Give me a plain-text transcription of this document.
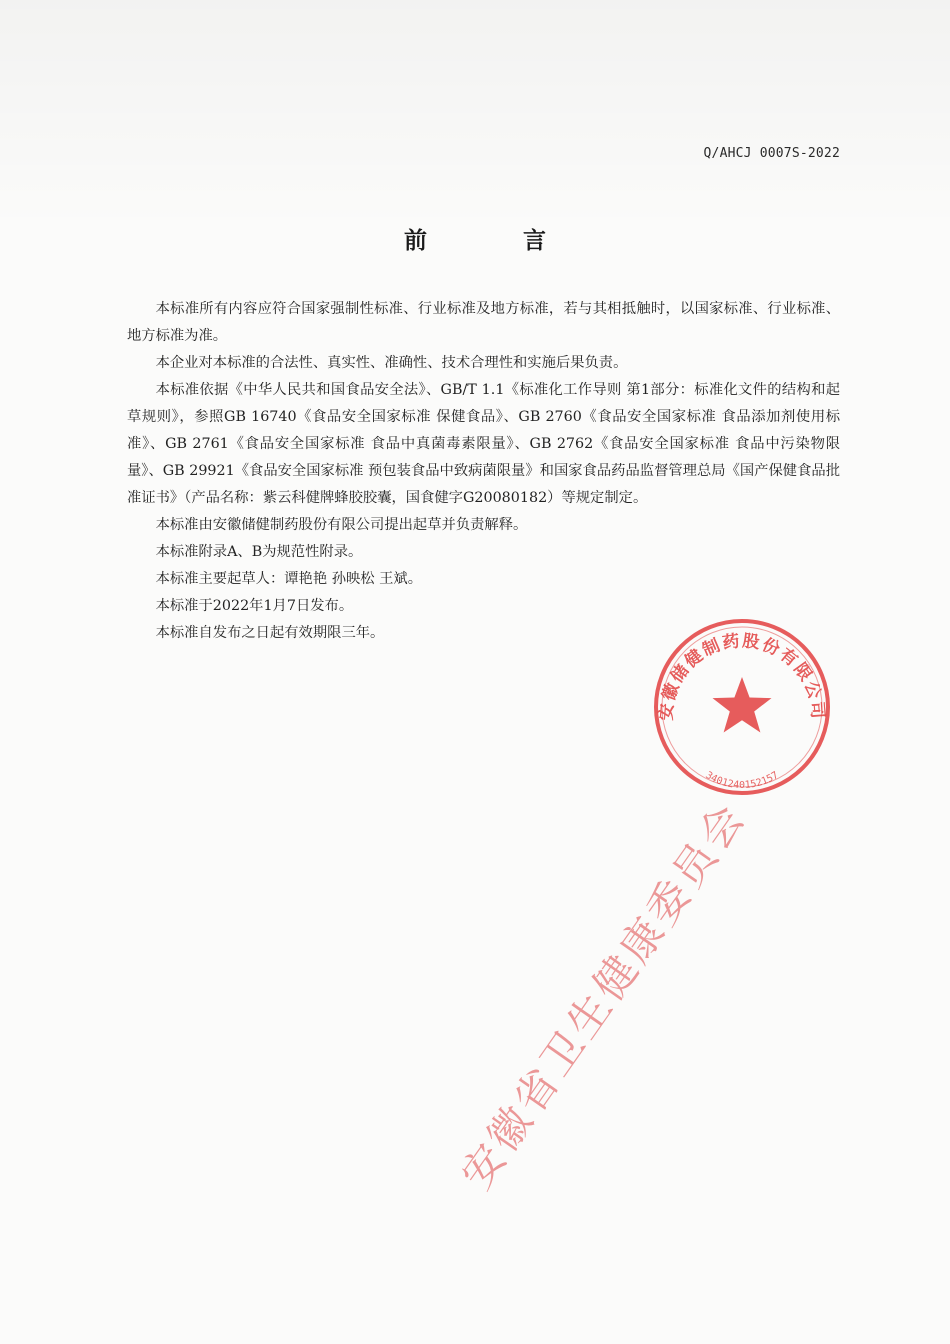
Q/AHCJ 0007S-2022
前 言

本标准所有内容应符合国家强制性标准、行业标准及地方标准，若与其相抵触时，以国家标准、行业标准、地方标准为准。

本企业对本标准的合法性、真实性、准确性、技术合理性和实施后果负责。

本标准依据《中华人民共和国食品安全法》、GB/T 1.1《标准化工作导则 第1部分：标准化文件的结构和起草规则》，参照GB 16740《食品安全国家标准 保健食品》、GB 2760《食品安全国家标准 食品添加剂使用标准》、GB 2761《食品安全国家标准 食品中真菌毒素限量》、GB 2762《食品安全国家标准 食品中污染物限量》、GB 29921《食品安全国家标准 预包装食品中致病菌限量》和国家食品药品监督管理总局《国产保健食品批准证书》（产品名称：紫云科健牌蜂胶胶囊，国食健字G20080182）等规定制定。

本标准由安徽储健制药股份有限公司提出起草并负责解释。

本标准附录A、B为规范性附录。

本标准主要起草人：谭艳艳 孙映松 王斌。

本标准于2022年1月7日发布。

本标准自发布之日起有效期限三年。

安徽储健制药股份有限公司
3401240152157
安徽省卫生健康委员会
